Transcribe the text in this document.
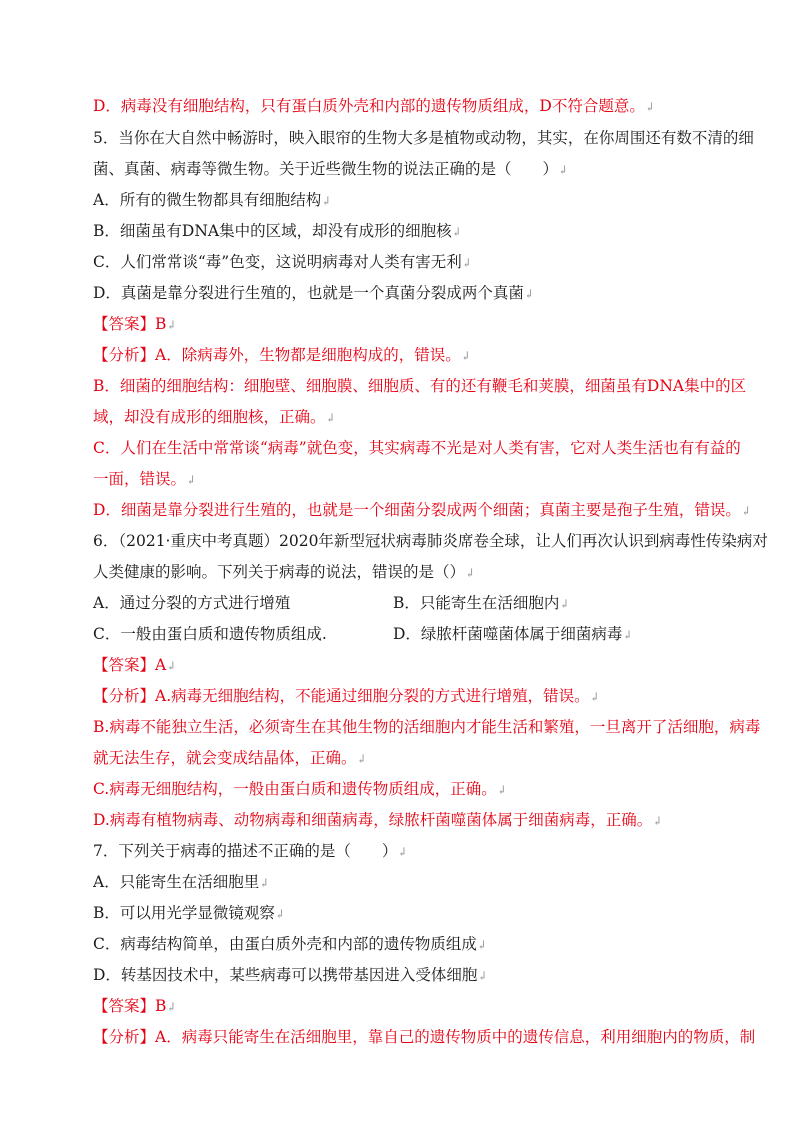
D．病毒没有细胞结构，只有蛋白质外壳和内部的遗传物质组成，D不符合题意。↲
5．当你在大自然中畅游时，映入眼帘的生物大多是植物或动物，其实，在你周围还有数不清的细
菌、真菌、病毒等微生物。关于近些微生物的说法正确的是（　　）↲
A．所有的微生物都具有细胞结构↲
B．细菌虽有DNA集中的区域，却没有成形的细胞核↲
C．人们常常谈“毒”色变，这说明病毒对人类有害无利↲
D．真菌是靠分裂进行生殖的，也就是一个真菌分裂成两个真菌↲
【答案】B↲
【分析】A．除病毒外，生物都是细胞构成的，错误。↲
B．细菌的细胞结构：细胞壁、细胞膜、细胞质、有的还有鞭毛和荚膜，细菌虽有DNA集中的区
域，却没有成形的细胞核，正确。↲
C．人们在生活中常常谈“病毒”就色变，其实病毒不光是对人类有害，它对人类生活也有有益的
一面，错误。↲
D．细菌是靠分裂进行生殖的，也就是一个细菌分裂成两个细菌；真菌主要是孢子生殖，错误。↲
6．（2021·重庆中考真题）2020年新型冠状病毒肺炎席卷全球，让人们再次认识到病毒性传染病对
人类健康的影响。下列关于病毒的说法，错误的是（）↲
A．通过分裂的方式进行增殖	B．只能寄生在活细胞内↲
C．一般由蛋白质和遗传物质组成.	D．绿脓杆菌噬菌体属于细菌病毒↲
【答案】A↲
【分析】A.病毒无细胞结构，不能通过细胞分裂的方式进行增殖，错误。↲
B.病毒不能独立生活，必须寄生在其他生物的活细胞内才能生活和繁殖，一旦离开了活细胞，病毒
就无法生存，就会变成结晶体，正确。↲
C.病毒无细胞结构，一般由蛋白质和遗传物质组成，正确。↲
D.病毒有植物病毒、动物病毒和细菌病毒，绿脓杆菌噬菌体属于细菌病毒，正确。↲
7．下列关于病毒的描述不正确的是（　　）↲
A．只能寄生在活细胞里↲
B．可以用光学显微镜观察↲
C．病毒结构简单，由蛋白质外壳和内部的遗传物质组成↲
D．转基因技术中，某些病毒可以携带基因进入受体细胞↲
【答案】B↲
【分析】A．病毒只能寄生在活细胞里，靠自己的遗传物质中的遗传信息，利用细胞内的物质，制
